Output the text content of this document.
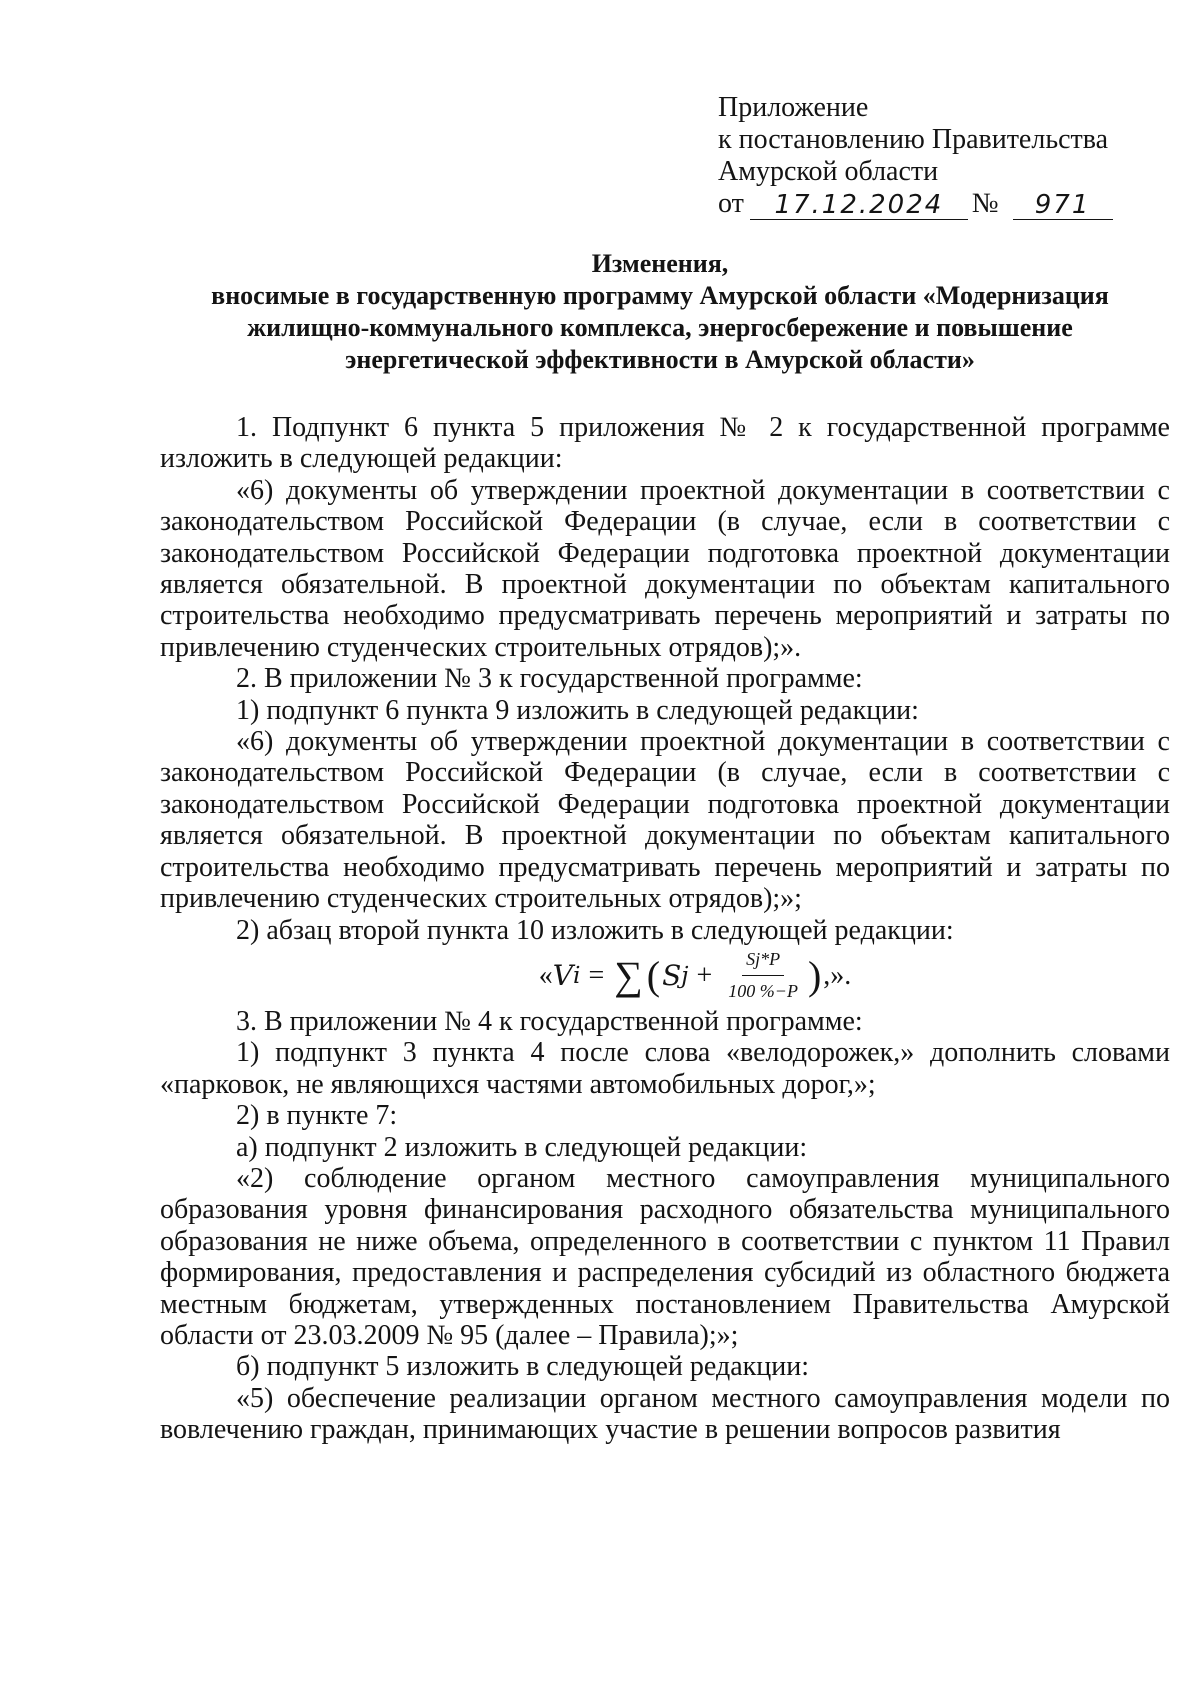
Приложение
к постановлению Правительства
Амурской области
от	17.12.2024	№	971
Изменения,
вносимые в государственную программу Амурской области «Модернизация
жилищно-коммунального комплекса, энергосбережение и повышение
энергетической эффективности в Амурской области»

1. Подпункт 6 пункта 5 приложения № 2 к государственной программе изложить в следующей редакции:

«6) документы об утверждении проектной документации в соответствии с законодательством Российской Федерации (в случае, если в соответствии с законодательством Российской Федерации подготовка проектной документации является обязательной. В проектной документации по объектам капитального строительства необходимо предусматривать перечень мероприятий и затраты по привлечению студенческих строительных отрядов);».

2. В приложении № 3 к государственной программе:

1) подпункт 6 пункта 9 изложить в следующей редакции:

«6) документы об утверждении проектной документации в соответствии с законодательством Российской Федерации (в случае, если в соответствии с законодательством Российской Федерации подготовка проектной документации является обязательной. В проектной документации по объектам капитального строительства необходимо предусматривать перечень мероприятий и затраты по привлечению студенческих строительных отрядов);»;

2) абзац второй пункта 10 изложить в следующей редакции:

« V i = ∑ ( S $j + \frac{Sj*P}{100 \%-P}$ ) ,».

3. В приложении № 4 к государственной программе:

1) подпункт 3 пункта 4 после слова «велодорожек,» дополнить словами «парковок, не являющихся частями автомобильных дорог,»;

2) в пункте 7:

а) подпункт 2 изложить в следующей редакции:

«2) соблюдение органом местного самоуправления муниципального образования уровня финансирования расходного обязательства муниципального образования не ниже объема, определенного в соответствии с пунктом 11 Правил формирования, предоставления и распределения субсидий из областного бюджета местным бюджетам, утвержденных постановлением Правительства Амурской области от 23.03.2009 № 95 (далее – Правила);»;

б) подпункт 5 изложить в следующей редакции:

«5) обеспечение реализации органом местного самоуправления модели по вовлечению граждан, принимающих участие в решении вопросов развития
